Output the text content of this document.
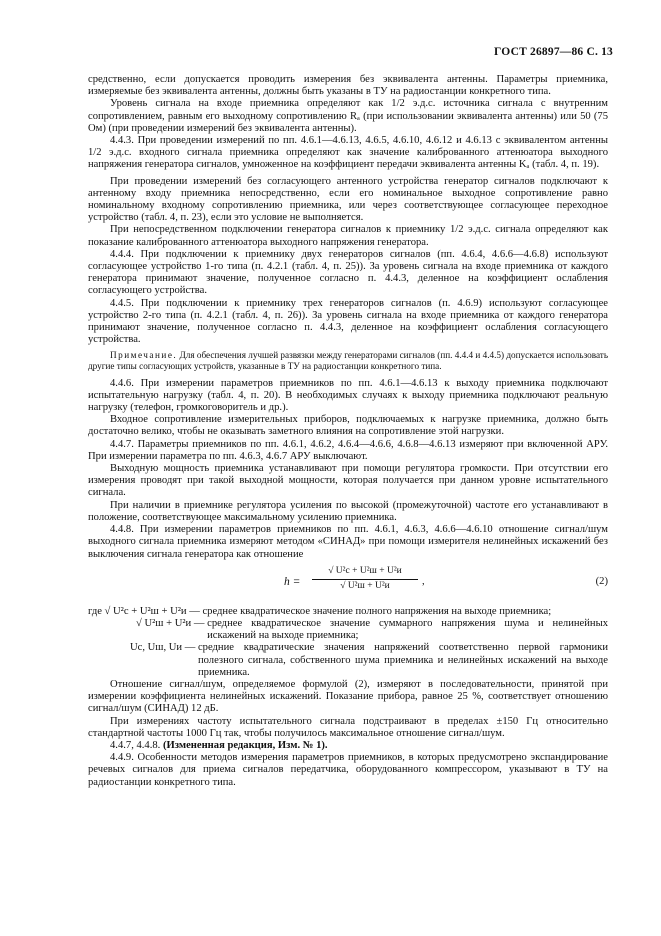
ГОСТ 26897—86 С. 13

средственно, если допускается проводить измерения без эквивалента антенны. Параметры приемника, измеряемые без эквивалента антенны, должны быть указаны в ТУ на радиостанции конкретного типа.

Уровень сигнала на входе приемника определяют как 1/2 э.д.с. источника сигнала с внутренним сопротивлением, равным его выходному сопротивлению Rₐ (при использовании эквивалента антенны) или 50 (75 Ом) (при проведении измерений без эквивалента антенны).

4.4.3. При проведении измерений по пп. 4.6.1—4.6.13, 4.6.5, 4.6.10, 4.6.12 и 4.6.13 с эквивалентом антенны 1/2 э.д.с. входного сигнала приемника определяют как значение калиброванного аттенюатора выходного напряжения генератора сигналов, умноженное на коэффициент передачи эквивалента антенны Kₐ (табл. 4, п. 19).

При проведении измерений без согласующего антенного устройства генератор сигналов подключают к антенному входу приемника непосредственно, если его номинальное выходное сопротивление равно номинальному входному сопротивлению приемника, или через соответствующее согласующее переходное устройство (табл. 4, п. 23), если это условие не выполняется.

При непосредственном подключении генератора сигналов к приемнику 1/2 э.д.с. сигнала определяют как показание калиброванного аттенюатора выходного напряжения генератора.

4.4.4. При подключении к приемнику двух генераторов сигналов (пп. 4.6.4, 4.6.6—4.6.8) используют согласующее устройство 1-го типа (п. 4.2.1 (табл. 4, п. 25)). За уровень сигнала на входе приемника от каждого генератора принимают значение, полученное согласно п. 4.4.3, деленное на коэффициент ослабления согласующего устройства.

4.4.5. При подключении к приемнику трех генераторов сигналов (п. 4.6.9) используют согласующее устройство 2-го типа (п. 4.2.1 (табл. 4, п. 26)). За уровень сигнала на входе приемника от каждого генератора принимают значение, полученное согласно п. 4.4.3, деленное на коэффициент ослабления согласующего устройства.

Примечание. Для обеспечения лучшей развязки между генераторами сигналов (пп. 4.4.4 и 4.4.5) допускается использовать другие типы согласующих устройств, указанные в ТУ на радиостанции конкретного типа.

4.4.6. При измерении параметров приемников по пп. 4.6.1—4.6.13 к выходу приемника подключают испытательную нагрузку (табл. 4, п. 20). В необходимых случаях к выходу приемника подключают реальную нагрузку (телефон, громкоговоритель и др.).

Входное сопротивление измерительных приборов, подключаемых к нагрузке приемника, должно быть достаточно велико, чтобы не оказывать заметного влияния на сопротивление этой нагрузки.

4.4.7. Параметры приемников по пп. 4.6.1, 4.6.2, 4.6.4—4.6.6, 4.6.8—4.6.13 измеряют при включенной АРУ. При измерении параметра по пп. 4.6.3, 4.6.7 АРУ выключают.

Выходную мощность приемника устанавливают при помощи регулятора громкости. При отсутствии его измерения проводят при такой выходной мощности, которая получается при данном уровне испытательного сигнала.

При наличии в приемнике регулятора усиления по высокой (промежуточной) частоте его устанавливают в положение, соответствующее максимальному усилению приемника.

4.4.8. При измерении параметров приемников по пп. 4.6.1, 4.6.3, 4.6.6—4.6.10 отношение сигнал/шум выходного сигнала приемника измеряют методом «СИНАД» при помощи измерителя нелинейных искажений без выключения сигнала генератора как отношение

h =
√ U²с + U²ш + U²и
√ U²ш + U²и	,	(2)
где √ U²с + U²ш + U²и —
среднее квадратическое значение полного напряжения на выходе приемника;
√ U²ш + U²и —
среднее квадратическое значение суммарного напряжения шума и нелинейных искажений на выходе приемника;
Uс, Uш, Uи —
средние квадратические значения напряжений соответственно первой гармоники полезного сигнала, собственного шума приемника и нелинейных искажений на выходе приемника.

Отношение сигнал/шум, определяемое формулой (2), измеряют в последовательности, принятой при измерении коэффициента нелинейных искажений. Показание прибора, равное 25 %, соответствует отношению сигнал/шум (СИНАД) 12 дБ.

При измерениях частоту испытательного сигнала подстраивают в пределах ±150 Гц относительно стандартной частоты 1000 Гц так, чтобы получилось максимальное отношение сигнал/шум.

4.4.7, 4.4.8. (Измененная редакция, Изм. № 1).

4.4.9. Особенности методов измерения параметров приемников, в которых предусмотрено экспандирование речевых сигналов для приема сигналов передатчика, оборудованного компрессором, указывают в ТУ на радиостанции конкретного типа.
